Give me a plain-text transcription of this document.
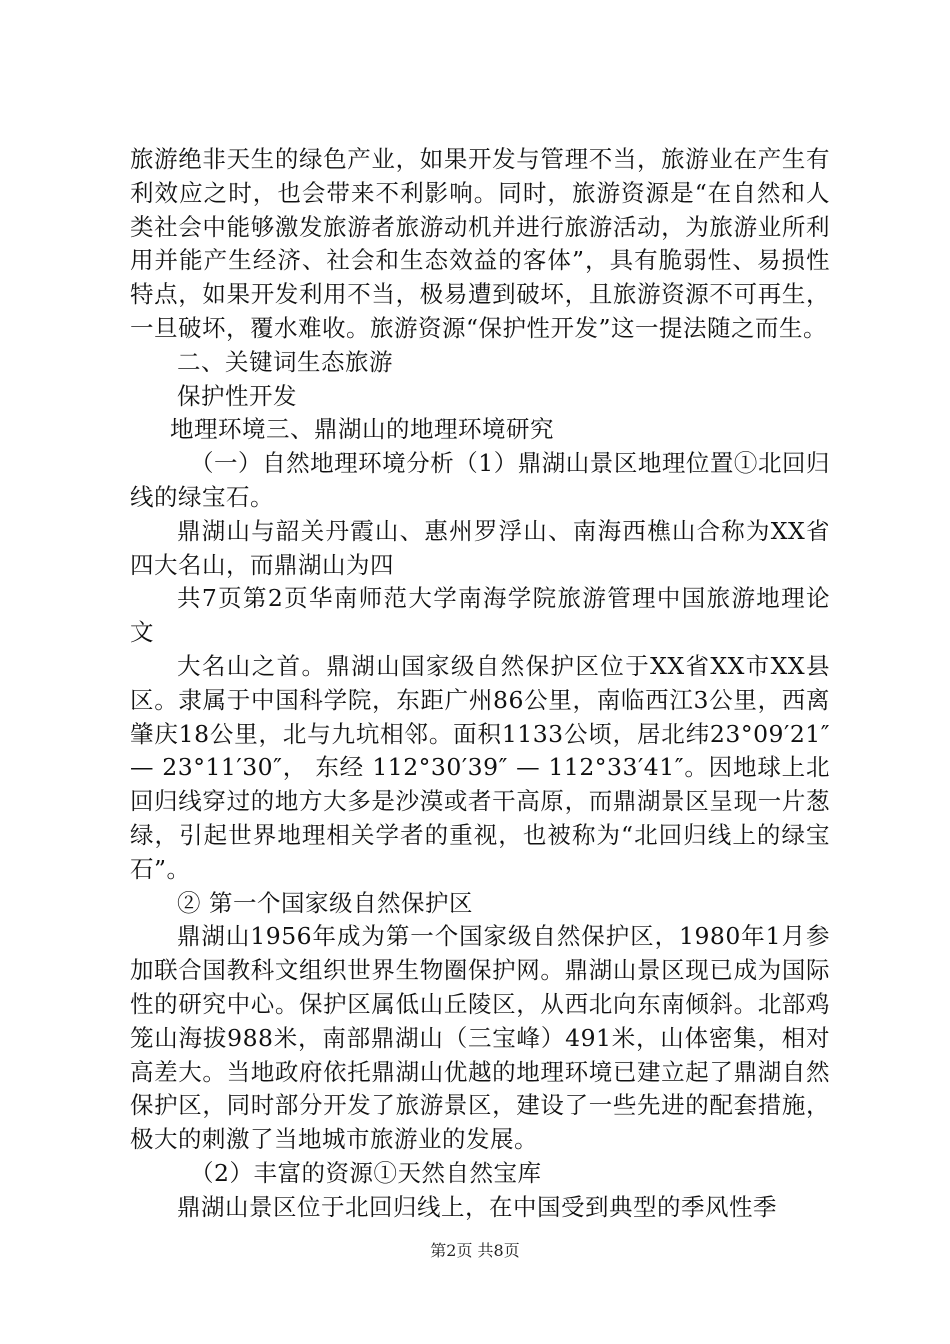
旅游绝非天生的绿色产业，如果开发与管理不当，旅游业在产生有利效应之时，也会带来不利影响。同时，旅游资源是“在自然和人类社会中能够激发旅游者旅游动机并进行旅游活动，为旅游业所利用并能产生经济、社会和生态效益的客体”，具有脆弱性、易损性特点，如果开发利用不当，极易遭到破坏，且旅游资源不可再生，一旦破坏，覆水难收。旅游资源“保护性开发”这一提法随之而生。

二、关键词生态旅游

保护性开发

地理环境三、鼎湖山的地理环境研究

（一）自然地理环境分析（1）鼎湖山景区地理位置①北回归线的绿宝石。

鼎湖山与韶关丹霞山、惠州罗浮山、南海西樵山合称为XX省四大名山，而鼎湖山为四

共7页第2页华南师范大学南海学院旅游管理中国旅游地理论文

大名山之首。鼎湖山国家级自然保护区位于XX省XX市XX县区。隶属于中国科学院，东距广州86公里，南临西江3公里，西离肇庆18公里，北与九坑相邻。面积1133公顷，居北纬23°09′21″ — 23°11′30″， 东经 112°30′39″ — 112°33′41″。因地球上北回归线穿过的地方大多是沙漠或者干高原，而鼎湖景区呈现一片葱绿，引起世界地理相关学者的重视，也被称为“北回归线上的绿宝石”。

② 第一个国家级自然保护区

鼎湖山1956年成为第一个国家级自然保护区，1980年1月参加联合国教科文组织世界生物圈保护网。鼎湖山景区现已成为国际性的研究中心。保护区属低山丘陵区，从西北向东南倾斜。北部鸡笼山海拔988米，南部鼎湖山（三宝峰）491米，山体密集，相对高差大。当地政府依托鼎湖山优越的地理环境已建立起了鼎湖自然保护区，同时部分开发了旅游景区，建设了一些先进的配套措施，极大的刺激了当地城市旅游业的发展。

（2）丰富的资源①天然自然宝库

鼎湖山景区位于北回归线上，在中国受到典型的季风性季

第2页 共8页
